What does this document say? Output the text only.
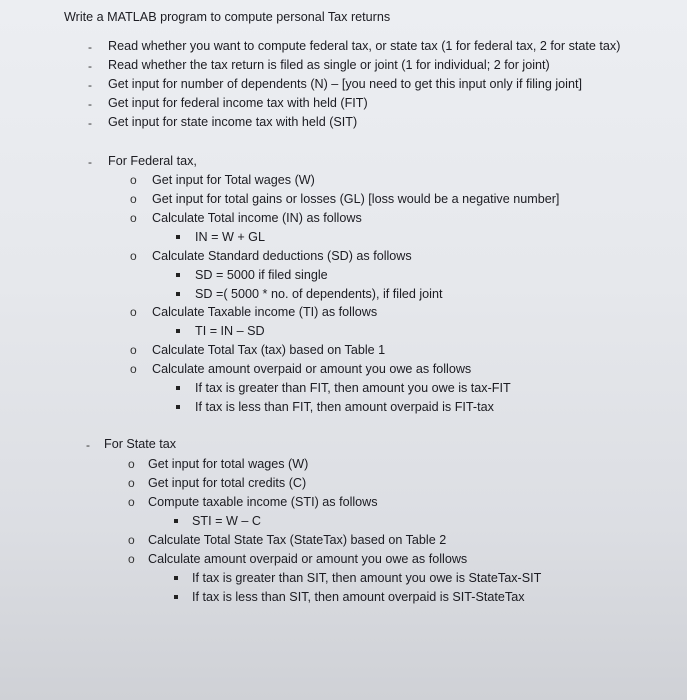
Write a MATLAB program to compute personal Tax returns
- Read whether you want to compute federal tax, or state tax (1 for federal tax, 2 for state tax)
- Read whether the tax return is filed as single or joint (1 for individual; 2 for joint)
- Get input for number of dependents (N) – [you need to get this input only if filing joint]
- Get input for federal income tax with held (FIT)
- Get input for state income tax with held (SIT)
- For Federal tax,
o Get input for Total wages (W)
o Get input for total gains or losses (GL) [loss would be a negative number]
o Calculate Total income (IN) as follows
IN = W + GL
o Calculate Standard deductions (SD) as follows
SD = 5000 if filed single
SD =( 5000 * no. of dependents), if filed joint
o Calculate Taxable income (TI) as follows
TI = IN – SD
o Calculate Total Tax (tax) based on Table 1
o Calculate amount overpaid or amount you owe as follows
If tax is greater than FIT, then amount you owe is tax-FIT
If tax is less than FIT, then amount overpaid is FIT-tax
- For State tax
o Get input for total wages (W)
o Get input for total credits (C)
o Compute taxable income (STI) as follows
STI = W – C
o Calculate Total State Tax (StateTax) based on Table 2
o Calculate amount overpaid or amount you owe as follows
If tax is greater than SIT, then amount you owe is StateTax-SIT
If tax is less than SIT, then amount overpaid is SIT-StateTax
